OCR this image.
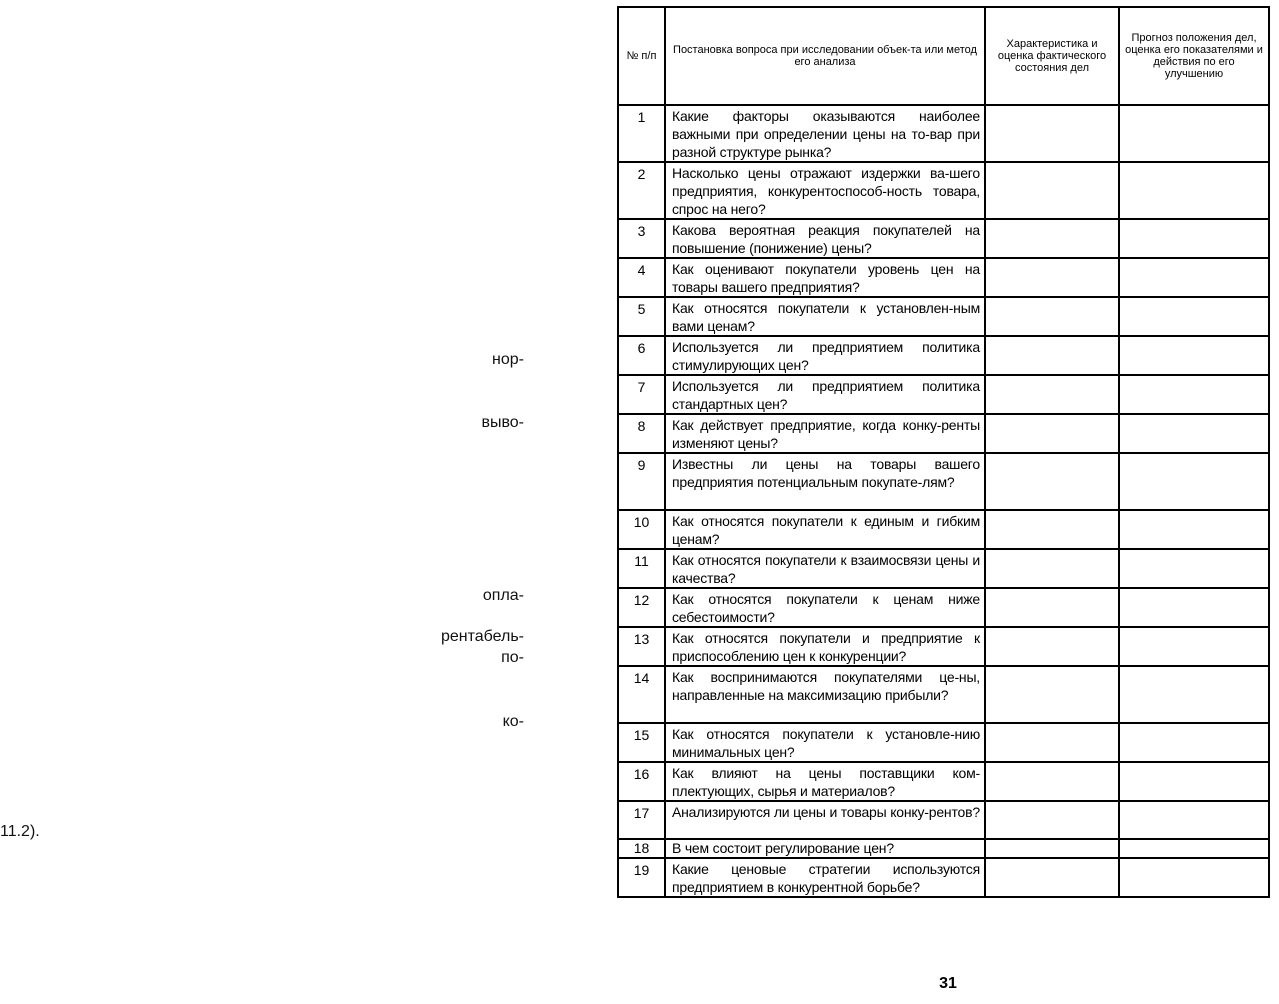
нор-
выво-
опла-
рентабель-
по-
ко-
11.2).
№ п/п	Постановка вопроса при исследовании объек-та или метод его анализа	Характеристика и оценка фактического состояния дел	Прогноз положения дел, оценка его показателями и действия по его улучшению
1	Какие факторы оказываются наиболее важными при определении цены на то-вар при разной структуре рынка?		
2	Насколько цены отражают издержки ва-шего предприятия, конкурентоспособ-ность товара, спрос на него?		
3	Какова вероятная реакция покупателей на повышение (понижение) цены?		
4	Как оценивают покупатели уровень цен на товары вашего предприятия?		
5	Как относятся покупатели к установлен-ным вами ценам?		
6	Используется ли предприятием политика стимулирующих цен?		
7	Используется ли предприятием политика стандартных цен?		
8	Как действует предприятие, когда конку-ренты изменяют цены?		
9	Известны ли цены на товары вашего предприятия потенциальным покупате-лям?		
10	Как относятся покупатели к единым и гибким ценам?		
11	Как относятся покупатели к взаимосвязи цены и качества?		
12	Как относятся покупатели к ценам ниже себестоимости?		
13	Как относятся покупатели и предприятие к приспособлению цен к конкуренции?		
14	Как воспринимаются покупателями це-ны, направленные на максимизацию прибыли?		
15	Как относятся покупатели к установле-нию минимальных цен?		
16	Как влияют на цены поставщики ком-плектующих, сырья и материалов?		
17	Анализируются ли цены и товары конку-рентов?		
18	В чем состоит регулирование цен?		
19	Какие ценовые стратегии используются предприятием в конкурентной борьбе?		
31
